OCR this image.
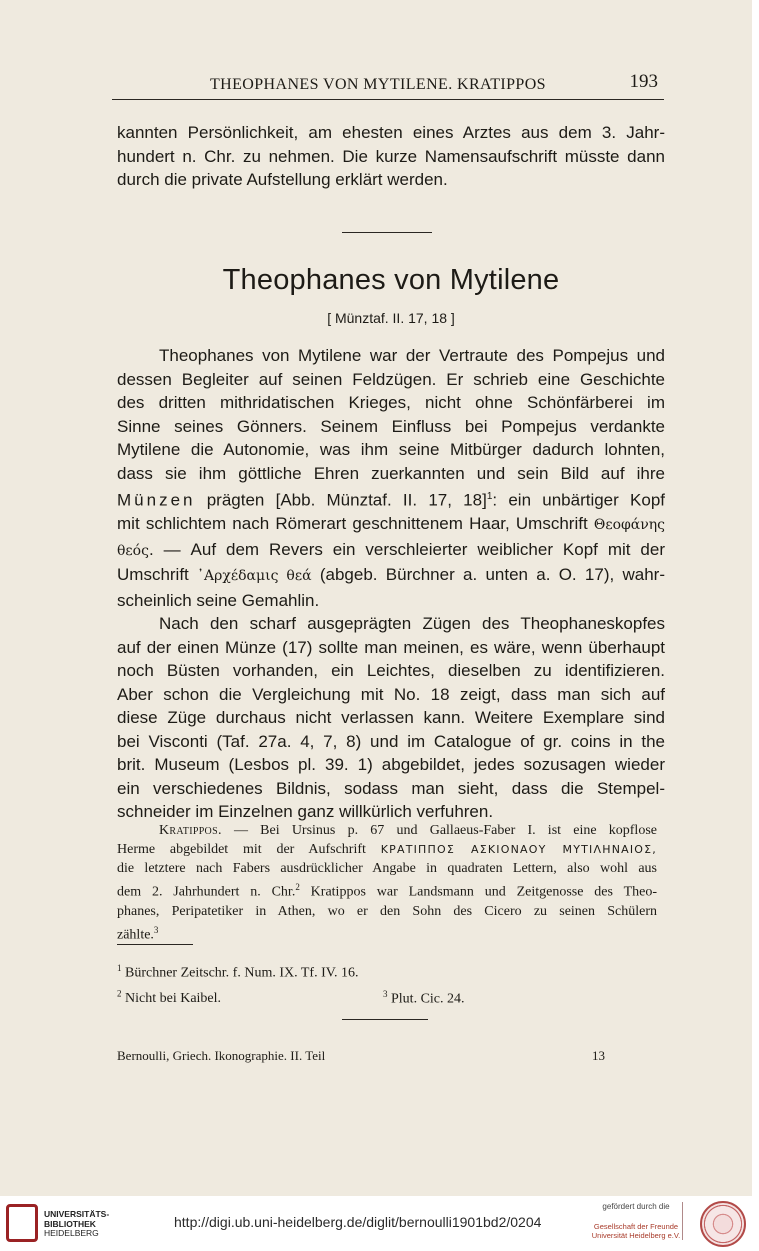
THEOPHANES VON MYTILENE. KRATIPPOS	193
kannten Persönlichkeit, am ehesten eines Arztes aus dem 3. Jahr-
hundert n. Chr. zu nehmen. Die kurze Namensaufschrift müsste dann
durch die private Aufstellung erklärt werden.
Theophanes von Mytilene
[ Münztaf. II. 17, 18 ]
Theophanes von Mytilene war der Vertraute des Pompejus und
dessen Begleiter auf seinen Feldzügen. Er schrieb eine Geschichte
des dritten mithridatischen Krieges, nicht ohne Schönfärberei im
Sinne seines Gönners. Seinem Einfluss bei Pompejus verdankte
Mytilene die Autonomie, was ihm seine Mitbürger dadurch lohnten,
dass sie ihm göttliche Ehren zuerkannten und sein Bild auf ihre
Münzen prägten [Abb. Münztaf. II. 17, 18]$^1$: ein unbärtiger Kopf
mit schlichtem nach Römerart geschnittenem Haar, Umschrift Θεοφάνης
θεός. — Auf dem Revers ein verschleierter weiblicher Kopf mit der
Umschrift ᾽Αρχέδαμις θεά (abgeb. Bürchner a. unten a. O. 17), wahr-
scheinlich seine Gemahlin.
Nach den scharf ausgeprägten Zügen des Theophaneskopfes
auf der einen Münze (17) sollte man meinen, es wäre, wenn überhaupt
noch Büsten vorhanden, ein Leichtes, dieselben zu identifizieren.
Aber schon die Vergleichung mit No. 18 zeigt, dass man sich auf
diese Züge durchaus nicht verlassen kann. Weitere Exemplare sind
bei Visconti (Taf. 27a. 4, 7, 8) und im Catalogue of gr. coins in the
brit. Museum (Lesbos pl. 39. 1) abgebildet, jedes sozusagen wieder
ein verschiedenes Bildnis, sodass man sieht, dass die Stempel-
schneider im Einzelnen ganz willkürlich verfuhren.
Kratippos. — Bei Ursinus p. 67 und Gallaeus-Faber I. ist eine kopflose
Herme abgebildet mit der Aufschrift ΚΡΑΤΙΠΠΟΣ ΑΣΚΙΟΝΑΟΥ ΜΥΤΙΛΗΝΑΙΟΣ,
die letztere nach Fabers ausdrücklicher Angabe in quadraten Lettern, also wohl aus
dem 2. Jahrhundert n. Chr.$^2$ Kratippos war Landsmann und Zeitgenosse des Theo-
phanes, Peripatetiker in Athen, wo er den Sohn des Cicero zu seinen Schülern
zählte.$^3$
$^1$ Bürchner Zeitschr. f. Num. IX. Tf. IV. 16.
$^2$ Nicht bei Kaibel.	$^3$ Plut. Cic. 24.
Bernoulli, Griech. Ikonographie. II. Teil	13
UNIVERSITÄTS-
BIBLIOTHEK
HEIDELBERG
http://digi.ub.uni-heidelberg.de/diglit/bernoulli1901bd2/0204
gefördert durch die
Gesellschaft der Freunde
Universität Heidelberg e.V.
